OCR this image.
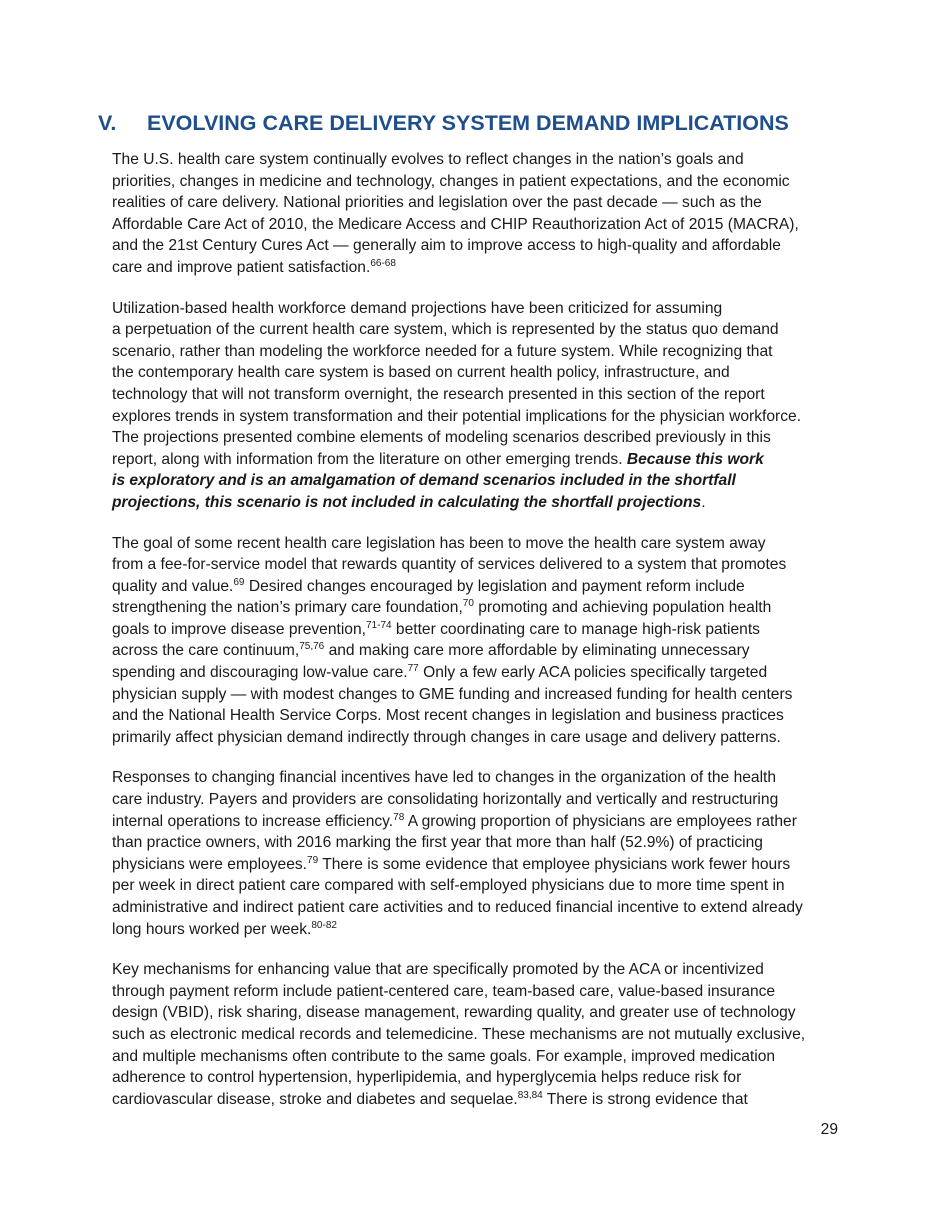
V. EVOLVING CARE DELIVERY SYSTEM DEMAND IMPLICATIONS

The U.S. health care system continually evolves to reflect changes in the nation’s goals and
priorities, changes in medicine and technology, changes in patient expectations, and the economic
realities of care delivery. National priorities and legislation over the past decade — such as the
Affordable Care Act of 2010, the Medicare Access and CHIP Reauthorization Act of 2015 (MACRA),
and the 21st Century Cures Act — generally aim to improve access to high-quality and affordable
care and improve patient satisfaction.$^{66-68}$

Utilization-based health workforce demand projections have been criticized for assuming
a perpetuation of the current health care system, which is represented by the status quo demand
scenario, rather than modeling the workforce needed for a future system. While recognizing that
the contemporary health care system is based on current health policy, infrastructure, and
technology that will not transform overnight, the research presented in this section of the report
explores trends in system transformation and their potential implications for the physician workforce.
The projections presented combine elements of modeling scenarios described previously in this
report, along with information from the literature on other emerging trends. Because this work
is exploratory and is an amalgamation of demand scenarios included in the shortfall
projections, this scenario is not included in calculating the shortfall projections.

The goal of some recent health care legislation has been to move the health care system away
from a fee-for-service model that rewards quantity of services delivered to a system that promotes
quality and value.$^{69}$ Desired changes encouraged by legislation and payment reform include
strengthening the nation’s primary care foundation,$^{70}$ promoting and achieving population health
goals to improve disease prevention,$^{71-74}$ better coordinating care to manage high-risk patients
across the care continuum,$^{75,76}$ and making care more affordable by eliminating unnecessary
spending and discouraging low-value care.$^{77}$ Only a few early ACA policies specifically targeted
physician supply — with modest changes to GME funding and increased funding for health centers
and the National Health Service Corps. Most recent changes in legislation and business practices
primarily affect physician demand indirectly through changes in care usage and delivery patterns.

Responses to changing financial incentives have led to changes in the organization of the health
care industry. Payers and providers are consolidating horizontally and vertically and restructuring
internal operations to increase efficiency.$^{78}$ A growing proportion of physicians are employees rather
than practice owners, with 2016 marking the first year that more than half (52.9%) of practicing
physicians were employees.$^{79}$ There is some evidence that employee physicians work fewer hours
per week in direct patient care compared with self-employed physicians due to more time spent in
administrative and indirect patient care activities and to reduced financial incentive to extend already
long hours worked per week.$^{80-82}$

Key mechanisms for enhancing value that are specifically promoted by the ACA or incentivized
through payment reform include patient-centered care, team-based care, value-based insurance
design (VBID), risk sharing, disease management, rewarding quality, and greater use of technology
such as electronic medical records and telemedicine. These mechanisms are not mutually exclusive,
and multiple mechanisms often contribute to the same goals. For example, improved medication
adherence to control hypertension, hyperlipidemia, and hyperglycemia helps reduce risk for
cardiovascular disease, stroke and diabetes and sequelae.$^{83,84}$ There is strong evidence that

29
